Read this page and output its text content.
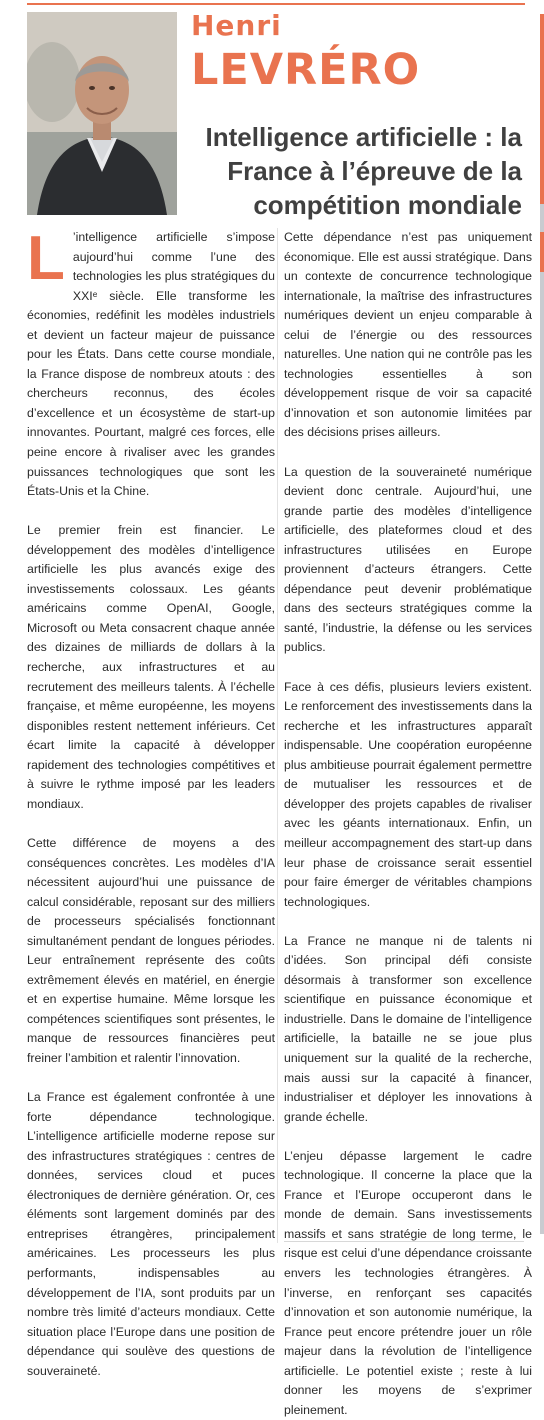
Henri
LEVRÉRO
Intelligence artificielle : la France à l’épreuve de la compétition mondiale

L ’intelligence artificielle s’impose aujourd’hui comme l’une des technologies les plus stratégiques du XXIᵉ siècle. Elle transforme les économies, redéfinit les modèles industriels et devient un facteur majeur de puissance pour les États. Dans cette course mondiale, la France dispose de nombreux atouts : des chercheurs reconnus, des écoles d’excellence et un écosystème de start-up innovantes. Pourtant, malgré ces forces, elle peine encore à rivaliser avec les grandes puissances technologiques que sont les États-Unis et la Chine.

Le premier frein est financier. Le développement des modèles d’intelligence artificielle les plus avancés exige des investissements colossaux. Les géants américains comme OpenAI, Google, Microsoft ou Meta consacrent chaque année des dizaines de milliards de dollars à la recherche, aux infrastructures et au recrutement des meilleurs talents. À l’échelle française, et même européenne, les moyens disponibles restent nettement inférieurs. Cet écart limite la capacité à développer rapidement des technologies compétitives et à suivre le rythme imposé par les leaders mondiaux.

Cette différence de moyens a des conséquences concrètes. Les modèles d’IA nécessitent aujourd’hui une puissance de calcul considérable, reposant sur des milliers de processeurs spécialisés fonctionnant simultanément pendant de longues périodes. Leur entraînement représente des coûts extrêmement élevés en matériel, en énergie et en expertise humaine. Même lorsque les compétences scientifiques sont présentes, le manque de ressources financières peut freiner l’ambition et ralentir l’innovation.

La France est également confrontée à une forte dépendance technologique. L’intelligence artificielle moderne repose sur des infrastructures stratégiques : centres de données, services cloud et puces électroniques de dernière génération. Or, ces éléments sont largement dominés par des entreprises étrangères, principalement américaines. Les processeurs les plus performants, indispensables au développement de l’IA, sont produits par un nombre très limité d’acteurs mondiaux. Cette situation place l’Europe dans une position de dépendance qui soulève des questions de souveraineté.

Cette dépendance n’est pas uniquement économique. Elle est aussi stratégique. Dans un contexte de concurrence technologique internationale, la maîtrise des infrastructures numériques devient un enjeu comparable à celui de l’énergie ou des ressources naturelles. Une nation qui ne contrôle pas les technologies essentielles à son développement risque de voir sa capacité d’innovation et son autonomie limitées par des décisions prises ailleurs.

La question de la souveraineté numérique devient donc centrale. Aujourd’hui, une grande partie des modèles d’intelligence artificielle, des plateformes cloud et des infrastructures utilisées en Europe proviennent d’acteurs étrangers. Cette dépendance peut devenir problématique dans des secteurs stratégiques comme la santé, l’industrie, la défense ou les services publics.

Face à ces défis, plusieurs leviers existent. Le renforcement des investissements dans la recherche et les infrastructures apparaît indispensable. Une coopération européenne plus ambitieuse pourrait également permettre de mutualiser les ressources et de développer des projets capables de rivaliser avec les géants internationaux. Enfin, un meilleur accompagnement des start-up dans leur phase de croissance serait essentiel pour faire émerger de véritables champions technologiques.

La France ne manque ni de talents ni d’idées. Son principal défi consiste désormais à transformer son excellence scientifique en puissance économique et industrielle. Dans le domaine de l’intelligence artificielle, la bataille ne se joue plus uniquement sur la qualité de la recherche, mais aussi sur la capacité à financer, industrialiser et déployer les innovations à grande échelle.

L’enjeu dépasse largement le cadre technologique. Il concerne la place que la France et l’Europe occuperont dans le monde de demain. Sans investissements massifs et sans stratégie de long terme, le risque est celui d’une dépendance croissante envers les technologies étrangères. À l’inverse, en renforçant ses capacités d’innovation et son autonomie numérique, la France peut encore prétendre jouer un rôle majeur dans la révolution de l’intelligence artificielle. Le potentiel existe ; reste à lui donner les moyens de s’exprimer pleinement.
